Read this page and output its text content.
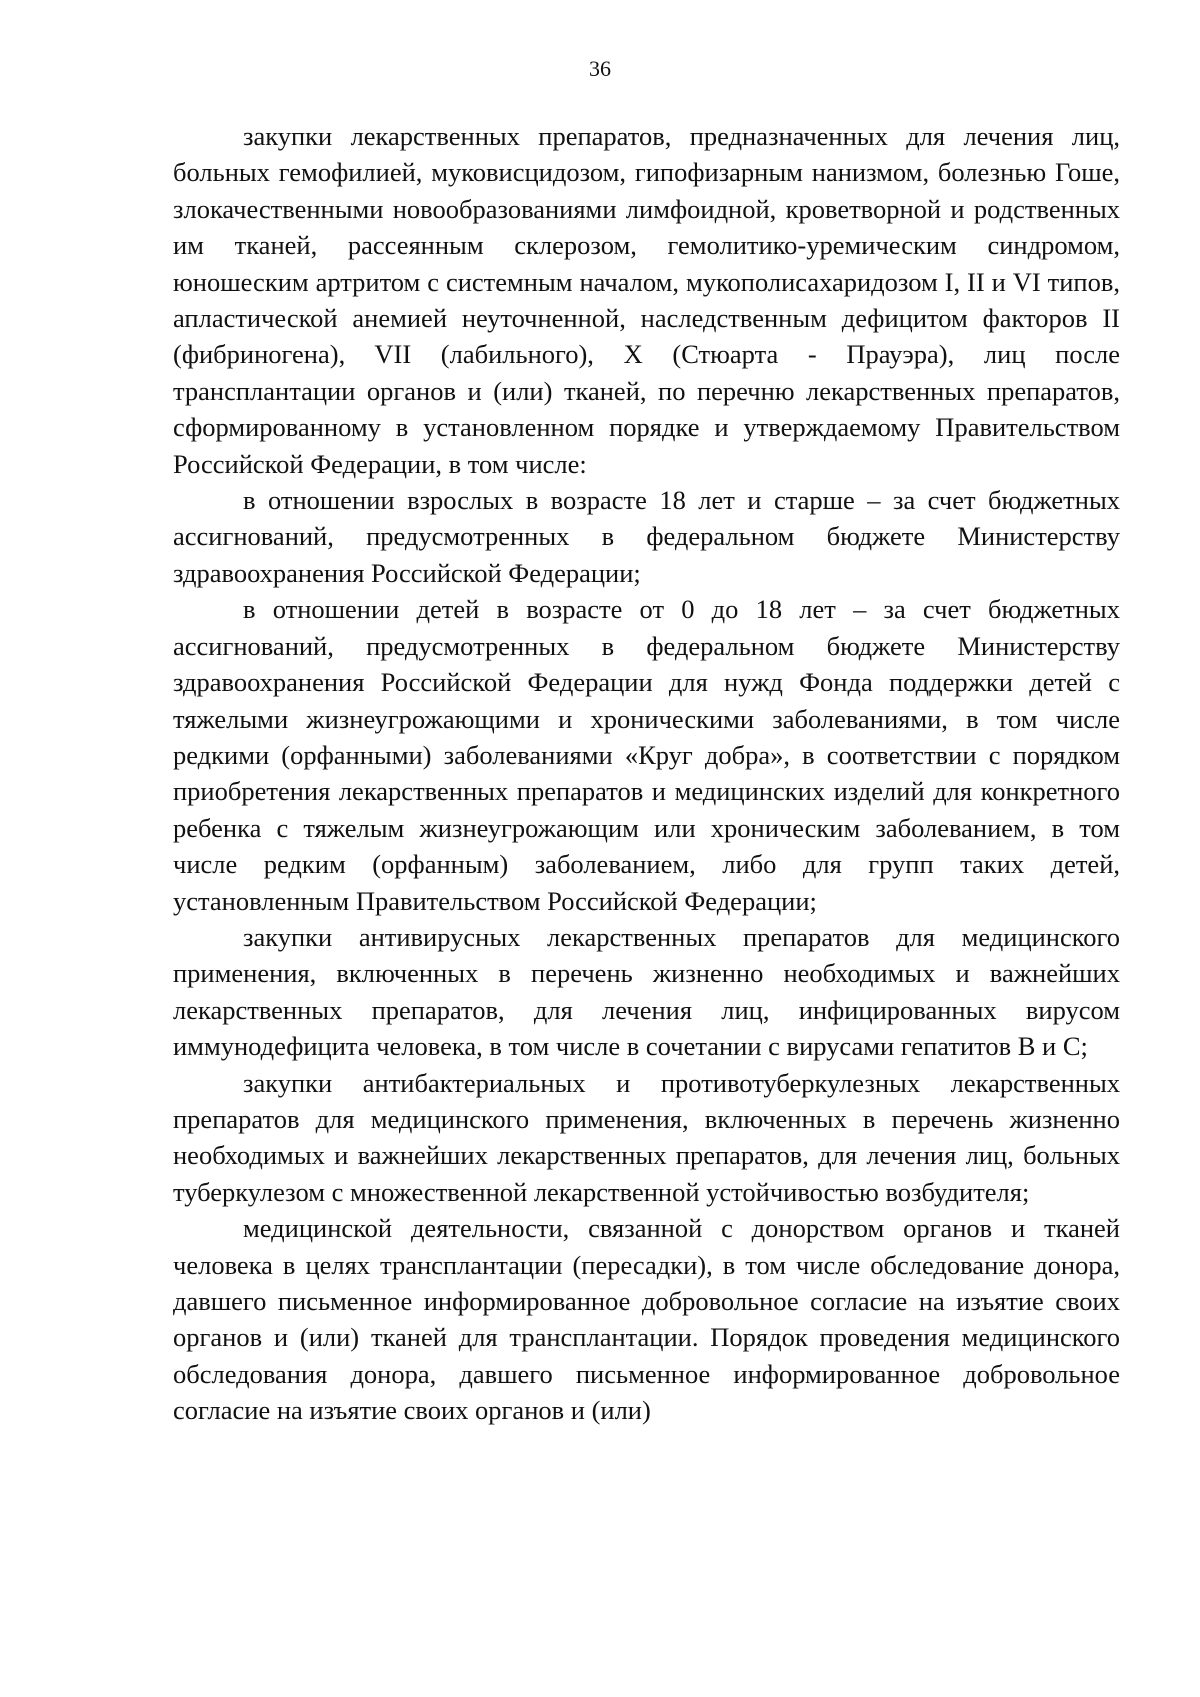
36

закупки лекарственных препаратов, предназначенных для лечения лиц, больных гемофилией, муковисцидозом, гипофизарным нанизмом, болезнью Гоше, злокачественными новообразованиями лимфоидной, кроветворной и родственных им тканей, рассеянным склерозом, гемолитико-уремическим синдромом, юношеским артритом с системным началом, мукополисахаридозом I, II и VI типов, апластической анемией неуточненной, наследственным дефицитом факторов II (фибриногена), VII (лабильного), X (Стюарта - Прауэра), лиц после трансплантации органов и (или) тканей, по перечню лекарственных препаратов, сформированному в установленном порядке и утверждаемому Правительством Российской Федерации, в том числе:

в отношении взрослых в возрасте 18 лет и старше – за счет бюджетных ассигнований, предусмотренных в федеральном бюджете Министерству здравоохранения Российской Федерации;

в отношении детей в возрасте от 0 до 18 лет – за счет бюджетных ассигнований, предусмотренных в федеральном бюджете Министерству здравоохранения Российской Федерации для нужд Фонда поддержки детей с тяжелыми жизнеугрожающими и хроническими заболеваниями, в том числе редкими (орфанными) заболеваниями «Круг добра», в соответствии с порядком приобретения лекарственных препаратов и медицинских изделий для конкретного ребенка с тяжелым жизнеугрожающим или хроническим заболеванием, в том числе редким (орфанным) заболеванием, либо для групп таких детей, установленным Правительством Российской Федерации;

закупки антивирусных лекарственных препаратов для медицинского применения, включенных в перечень жизненно необходимых и важнейших лекарственных препаратов, для лечения лиц, инфицированных вирусом иммунодефицита человека, в том числе в сочетании с вирусами гепатитов B и C;

закупки антибактериальных и противотуберкулезных лекарственных препаратов для медицинского применения, включенных в перечень жизненно необходимых и важнейших лекарственных препаратов, для лечения лиц, больных туберкулезом с множественной лекарственной устойчивостью возбудителя;

медицинской деятельности, связанной с донорством органов и тканей человека в целях трансплантации (пересадки), в том числе обследование донора, давшего письменное информированное добровольное согласие на изъятие своих органов и (или) тканей для трансплантации. Порядок проведения медицинского обследования донора, давшего письменное информированное добровольное согласие на изъятие своих органов и (или)
